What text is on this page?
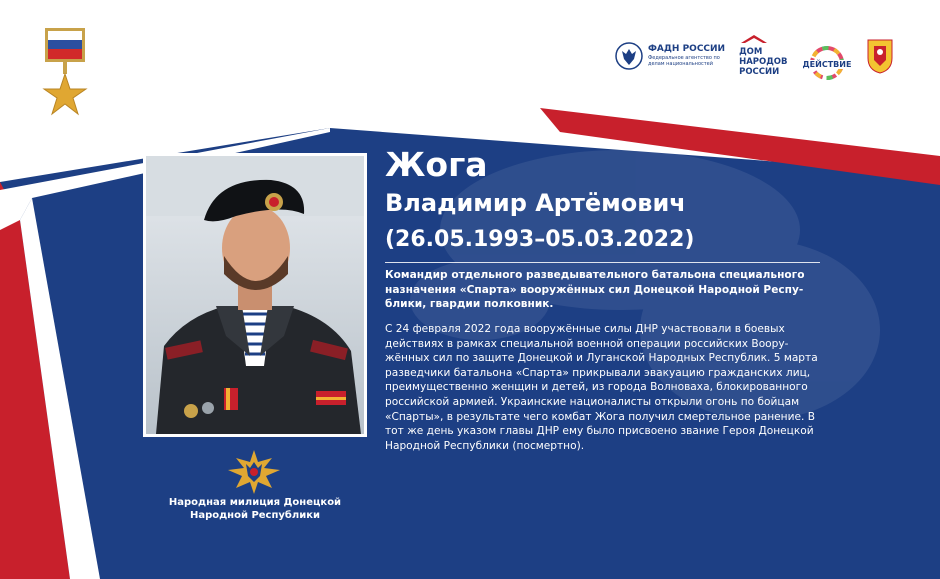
ПРО
ГЕРОЕВ
#ZaРоссию #ZнатьКаждому
ФАДН РОССИИ
Федеральное агентство по делам национальностей
ДОМ
НАРОДОВ
РОССИИ
ДЕЙСТВИЕ
Народная милиция Донецкой
Народной Республики
Жога
Владимир Артёмович
(26.05.1993–05.03.2022)
Командир отдельного разведывательного батальона специального назначения «Спарта» вооружённых сил Донецкой Народной Республики, гвардии полковник.
С 24 февраля 2022 года вооружённые силы ДНР участвовали в боевых действиях в рамках специальной военной операции российских Вооружённых сил по защите Донецкой и Луганской Народных Республик. 5 марта разведчики батальона «Спарта» прикрывали эвакуацию гражданских лиц, преимущественно женщин и детей, из города Волноваха, блокированного российской армией. Украинские националисты открыли огонь по бойцам «Спарты», в результате чего комбат Жога получил смертельное ранение. В тот же день указом главы ДНР ему было присвоено звание Героя Донецкой Народной Республики (посмертно).
